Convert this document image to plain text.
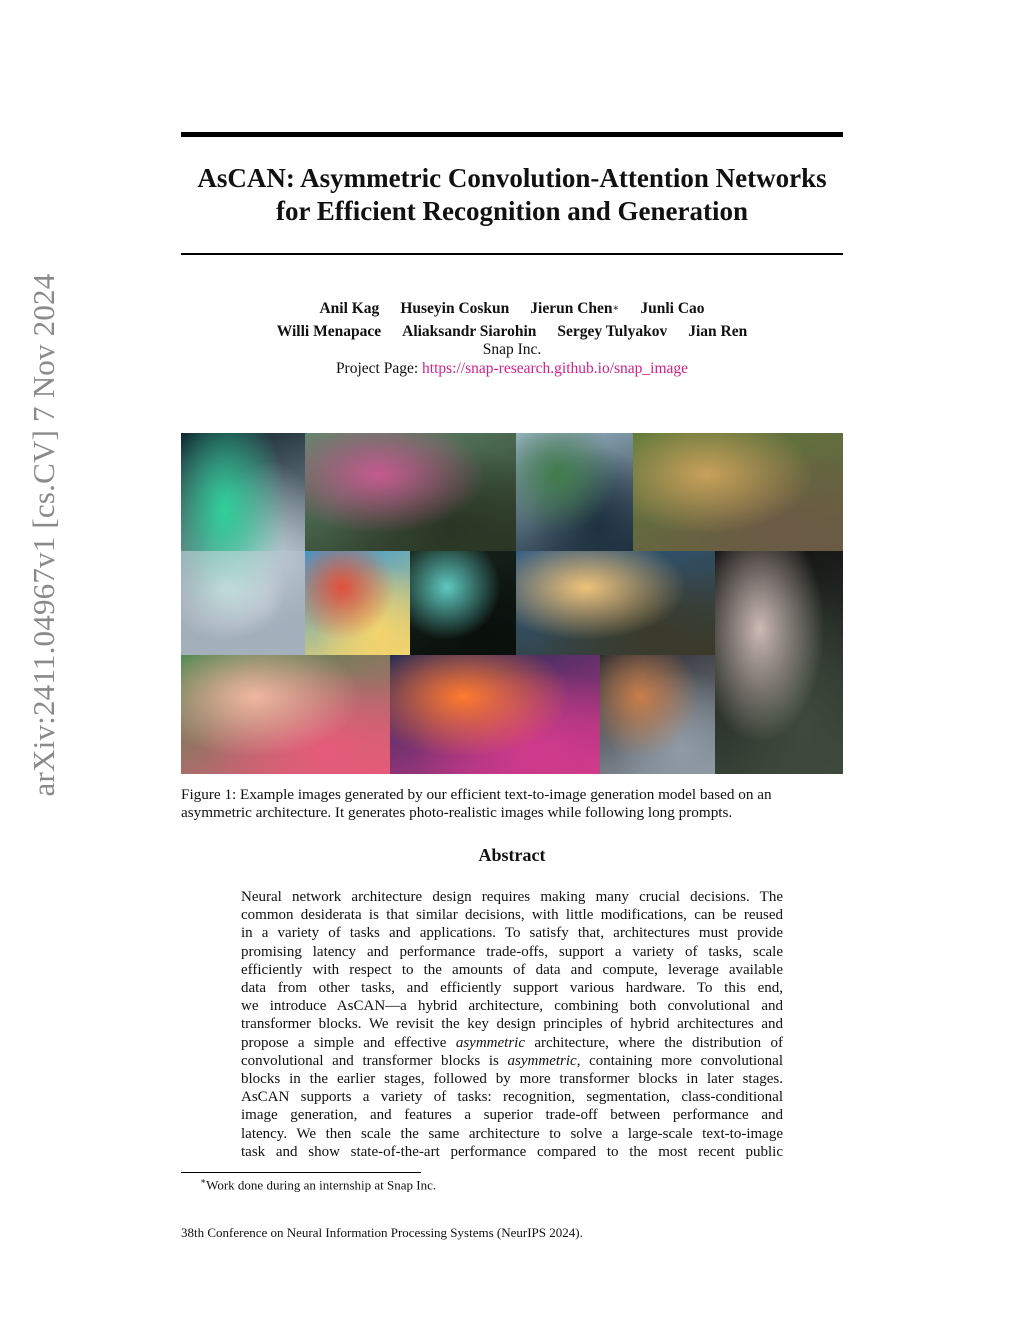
arXiv:2411.04967v1 [cs.CV] 7 Nov 2024
AsCAN: Asymmetric Convolution-Attention Networks
for Efficient Recognition and Generation
Anil Kag Huseyin Coskun Jierun Chen ∗ Junli Cao
Willi Menapace Aliaksandr Siarohin Sergey Tulyakov Jian Ren
Snap Inc.
Project Page: https://snap-research.github.io/snap_image
Figure 1: Example images generated by our efficient text-to-image generation model based on an
asymmetric architecture. It generates photo-realistic images while following long prompts.
Abstract
Neural network architecture design requires making many crucial decisions. The
common desiderata is that similar decisions, with little modifications, can be reused
in a variety of tasks and applications. To satisfy that, architectures must provide
promising latency and performance trade-offs, support a variety of tasks, scale
efficiently with respect to the amounts of data and compute, leverage available
data from other tasks, and efficiently support various hardware. To this end,
we introduce AsCAN—a hybrid architecture, combining both convolutional and
transformer blocks. We revisit the key design principles of hybrid architectures and
propose a simple and effective asymmetric architecture, where the distribution of
convolutional and transformer blocks is asymmetric, containing more convolutional
blocks in the earlier stages, followed by more transformer blocks in later stages.
AsCAN supports a variety of tasks: recognition, segmentation, class-conditional
image generation, and features a superior trade-off between performance and
latency. We then scale the same architecture to solve a large-scale text-to-image
task and show state-of-the-art performance compared to the most recent public
∗Work done during an internship at Snap Inc.
38th Conference on Neural Information Processing Systems (NeurIPS 2024).
